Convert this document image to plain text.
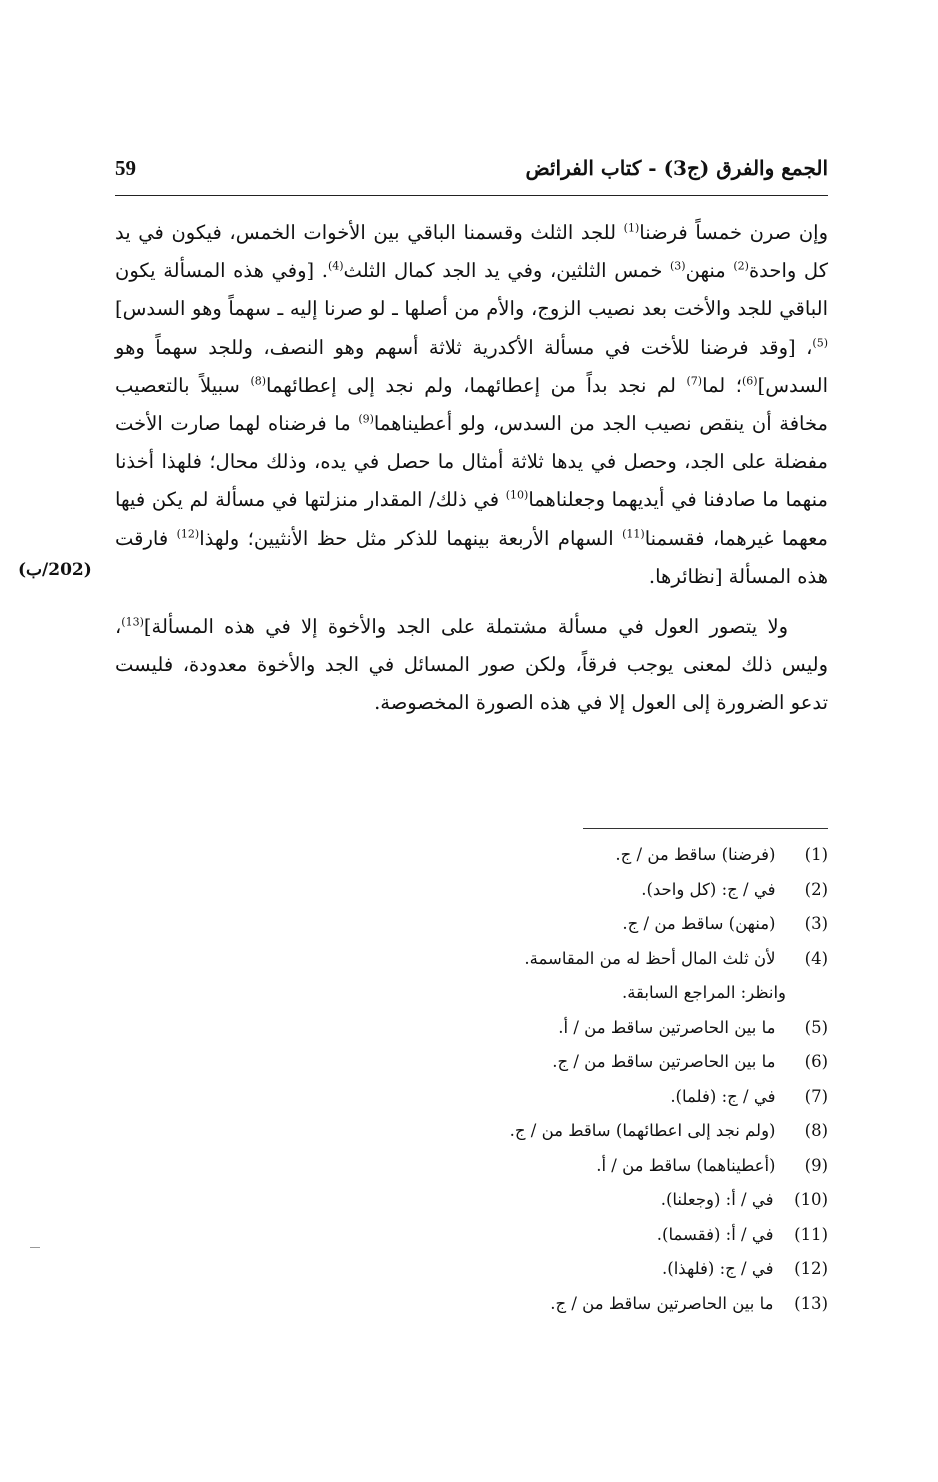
الجمع والفرق (ج3) - كتاب الفرائض
59
(202/ب)

وإن صرن خمساً فرضنا$^{(1)}$ للجد الثلث وقسمنا الباقي بين الأخوات الخمس، فيكون في يد كل واحدة$^{(2)}$ منهن$^{(3)}$ خمس الثلثين، وفي يد الجد كمال الثلث$^{(4)}$. [وفي هذه المسألة يكون الباقي للجد والأخت بعد نصيب الزوج، والأم من أصلها ـ لو صرنا إليه ـ سهماً وهو السدس]$^{(5)}$، [وقد فرضنا للأخت في مسألة الأكدرية ثلاثة أسهم وهو النصف، وللجد سهماً وهو السدس]$^{(6)}$؛ لما$^{(7)}$ لم نجد بداً من إعطائهما، ولم نجد إلى إعطائهما$^{(8)}$ سبيلاً بالتعصيب مخافة أن ينقص نصيب الجد من السدس، ولو أعطيناهما$^{(9)}$ ما فرضناه لهما صارت الأخت مفضلة على الجد، وحصل في يدها ثلاثة أمثال ما حصل في يده، وذلك محال؛ فلهذا أخذنا منهما ما صادفنا في أيديهما وجعلناهما$^{(10)}$ في ذلك/ المقدار منزلتها في مسألة لم يكن فيها معهما غيرهما، فقسمنا$^{(11)}$ السهام الأربعة بينهما للذكر مثل حظ الأنثيين؛ ولهذا$^{(12)}$ فارقت هذه المسألة [نظائرها.

ولا يتصور العول في مسألة مشتملة على الجد والأخوة إلا في هذه المسألة]$^{(13)}$، وليس ذلك لمعنى يوجب فرقاً، ولكن صور المسائل في الجد والأخوة معدودة، فليست تدعو الضرورة إلى العول إلا في هذه الصورة المخصوصة.

(1)  (فرضنا) ساقط من / ج.
(2)  في / ج: (كل واحد).
(3)  (منهن) ساقط من / ج.
(4)  لأن ثلث المال أحظ له من المقاسمة.
وانظر: المراجع السابقة.
(5)  ما بين الحاصرتين ساقط من / أ.
(6)  ما بين الحاصرتين ساقط من / ج.
(7)  في / ج: (فلما).
(8)  (ولم نجد إلى اعطائهما) ساقط من / ج.
(9)  (أعطيناهما) ساقط من / أ.
(10)  في / أ: (وجعلنا).
(11)  في / أ: (فقسما).
(12)  في / ج: (فلهذا).
(13)  ما بين الحاصرتين ساقط من / ج.
